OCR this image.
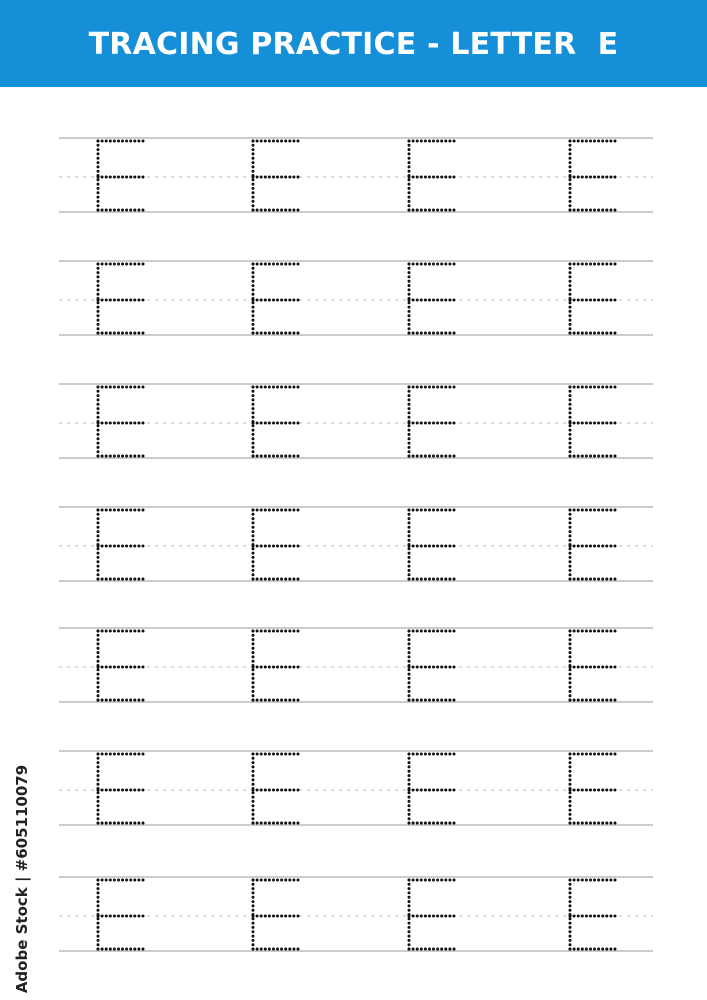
TRACING PRACTICE - LETTER  E
Adobe Stock | #605110079
